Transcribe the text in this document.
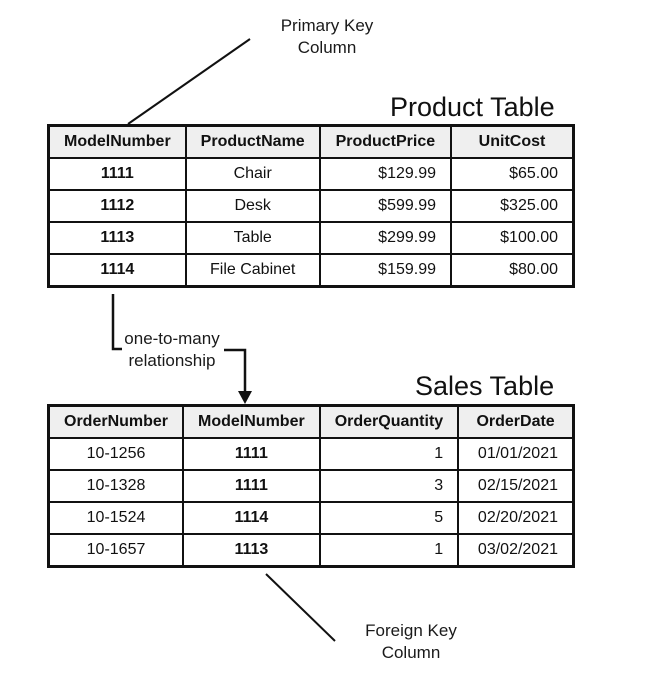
Primary Key
Column
Product Table
ModelNumber	ProductName	ProductPrice	UnitCost
1111	Chair	$129.99	$65.00
1112	Desk	$599.99	$325.00
1113	Table	$299.99	$100.00
1114	File Cabinet	$159.99	$80.00
one-to-many
relationship
Sales Table
OrderNumber	ModelNumber	OrderQuantity	OrderDate
10-1256	1111	1	01/01/2021
10-1328	1111	3	02/15/2021
10-1524	1114	5	02/20/2021
10-1657	1113	1	03/02/2021
Foreign Key
Column
